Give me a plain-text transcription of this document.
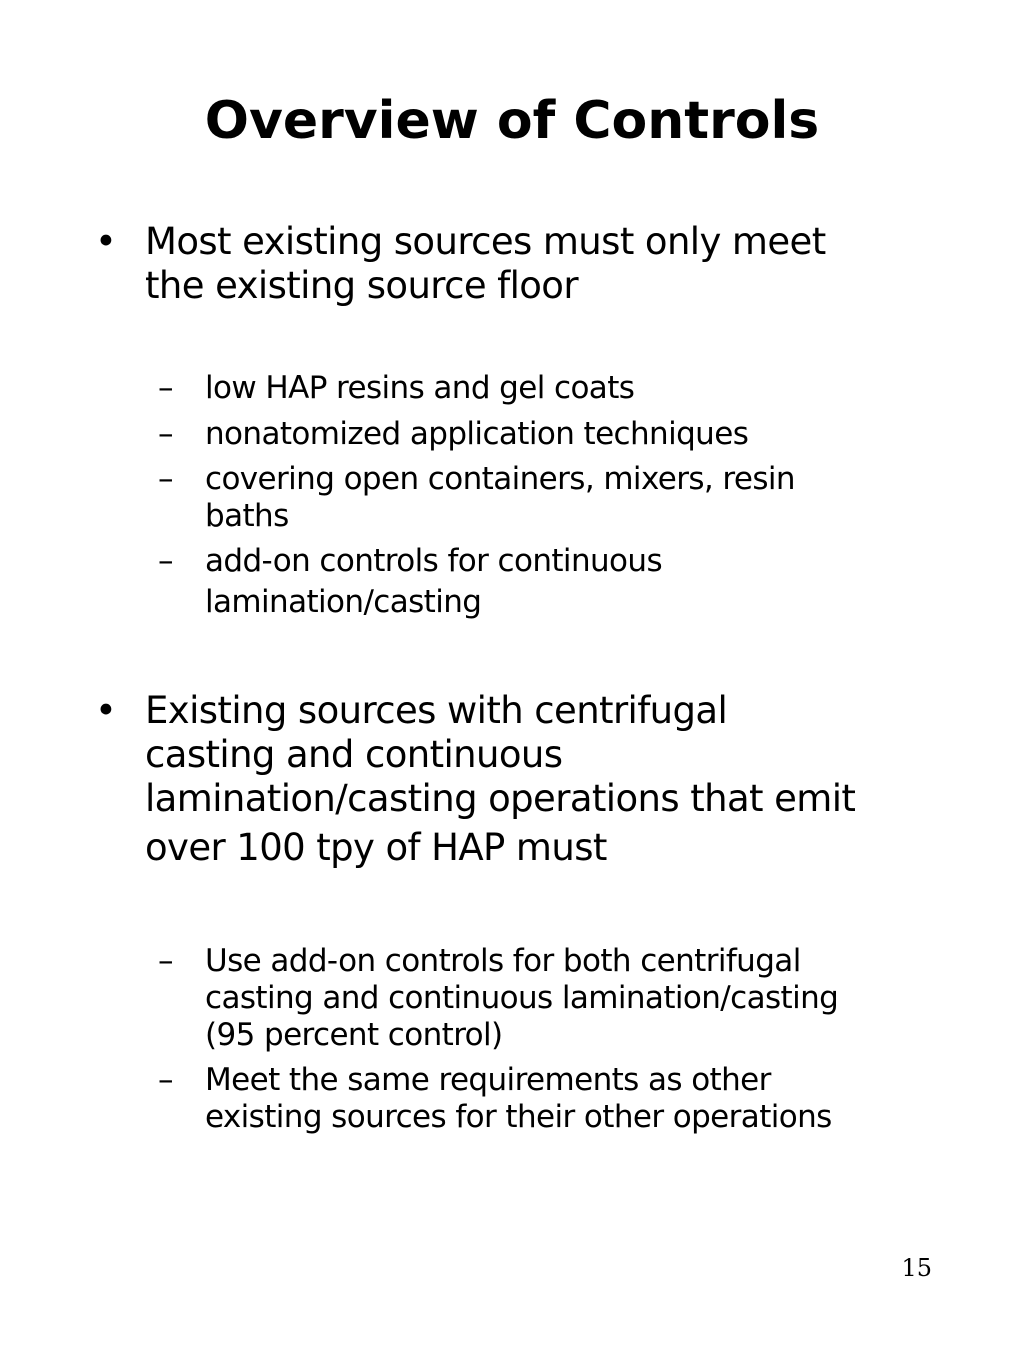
Overview of Controls
• Most existing sources must only meet
the existing source floor
–	low HAP resins and gel coats
–	nonatomized application techniques
–	covering open containers, mixers, resin
baths
–	add-on controls for continuous
lamination/casting
• Existing sources with centrifugal
casting and continuous
lamination/casting operations that emit
over 100 tpy of HAP must
–	Use add-on controls for both centrifugal
casting and continuous lamination/casting
(95 percent control)
–	Meet the same requirements as other
existing sources for their other operations
15
